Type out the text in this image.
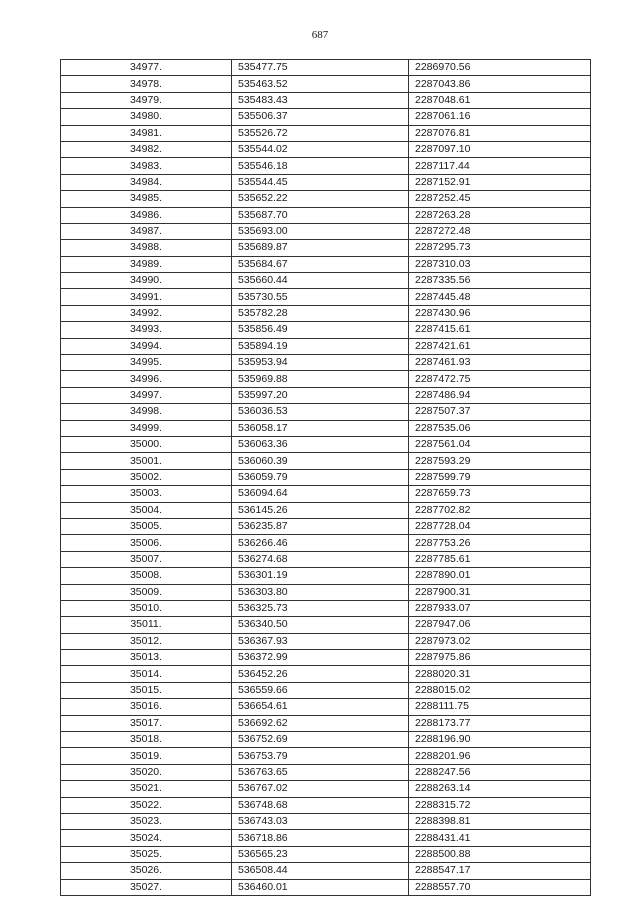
687
34977.	535477.75	2286970.56
34978.	535463.52	2287043.86
34979.	535483.43	2287048.61
34980.	535506.37	2287061.16
34981.	535526.72	2287076.81
34982.	535544.02	2287097.10
34983.	535546.18	2287117.44
34984.	535544.45	2287152.91
34985.	535652.22	2287252.45
34986.	535687.70	2287263.28
34987.	535693.00	2287272.48
34988.	535689.87	2287295.73
34989.	535684.67	2287310.03
34990.	535660.44	2287335.56
34991.	535730.55	2287445.48
34992.	535782.28	2287430.96
34993.	535856.49	2287415.61
34994.	535894.19	2287421.61
34995.	535953.94	2287461.93
34996.	535969.88	2287472.75
34997.	535997.20	2287486.94
34998.	536036.53	2287507.37
34999.	536058.17	2287535.06
35000.	536063.36	2287561.04
35001.	536060.39	2287593.29
35002.	536059.79	2287599.79
35003.	536094.64	2287659.73
35004.	536145.26	2287702.82
35005.	536235.87	2287728.04
35006.	536266.46	2287753.26
35007.	536274.68	2287785.61
35008.	536301.19	2287890.01
35009.	536303.80	2287900.31
35010.	536325.73	2287933.07
35011.	536340.50	2287947.06
35012.	536367.93	2287973.02
35013.	536372.99	2287975.86
35014.	536452.26	2288020.31
35015.	536559.66	2288015.02
35016.	536654.61	2288111.75
35017.	536692.62	2288173.77
35018.	536752.69	2288196.90
35019.	536753.79	2288201.96
35020.	536763.65	2288247.56
35021.	536767.02	2288263.14
35022.	536748.68	2288315.72
35023.	536743.03	2288398.81
35024.	536718.86	2288431.41
35025.	536565.23	2288500.88
35026.	536508.44	2288547.17
35027.	536460.01	2288557.70
